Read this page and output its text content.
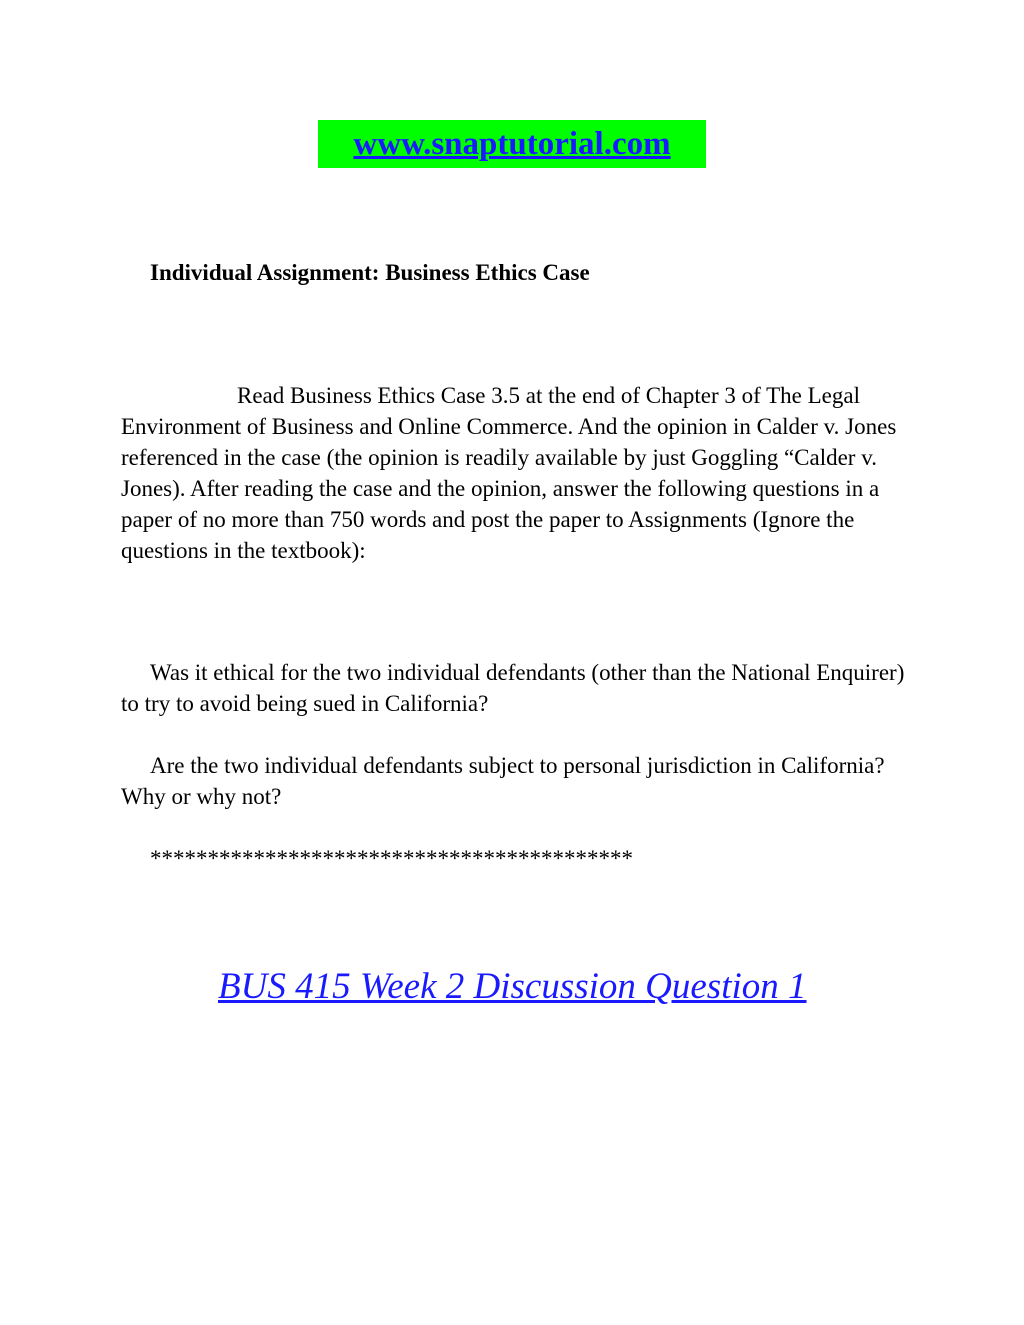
www.snaptutorial.com
Individual Assignment: Business Ethics Case

Read Business Ethics Case 3.5 at the end of Chapter 3 of The Legal Environment of Business and Online Commerce. And the opinion in Calder v. Jones referenced in the case (the opinion is readily available by just Goggling “Calder v. Jones). After reading the case and the opinion, answer the following questions in a paper of no more than 750 words and post the paper to Assignments (Ignore the questions in the textbook):

Was it ethical for the two individual defendants (other than the National Enquirer) to try to avoid being sued in California?

Are the two individual defendants subject to personal jurisdiction in California? Why or why not?

******************************************
BUS 415 Week 2 Discussion Question 1
